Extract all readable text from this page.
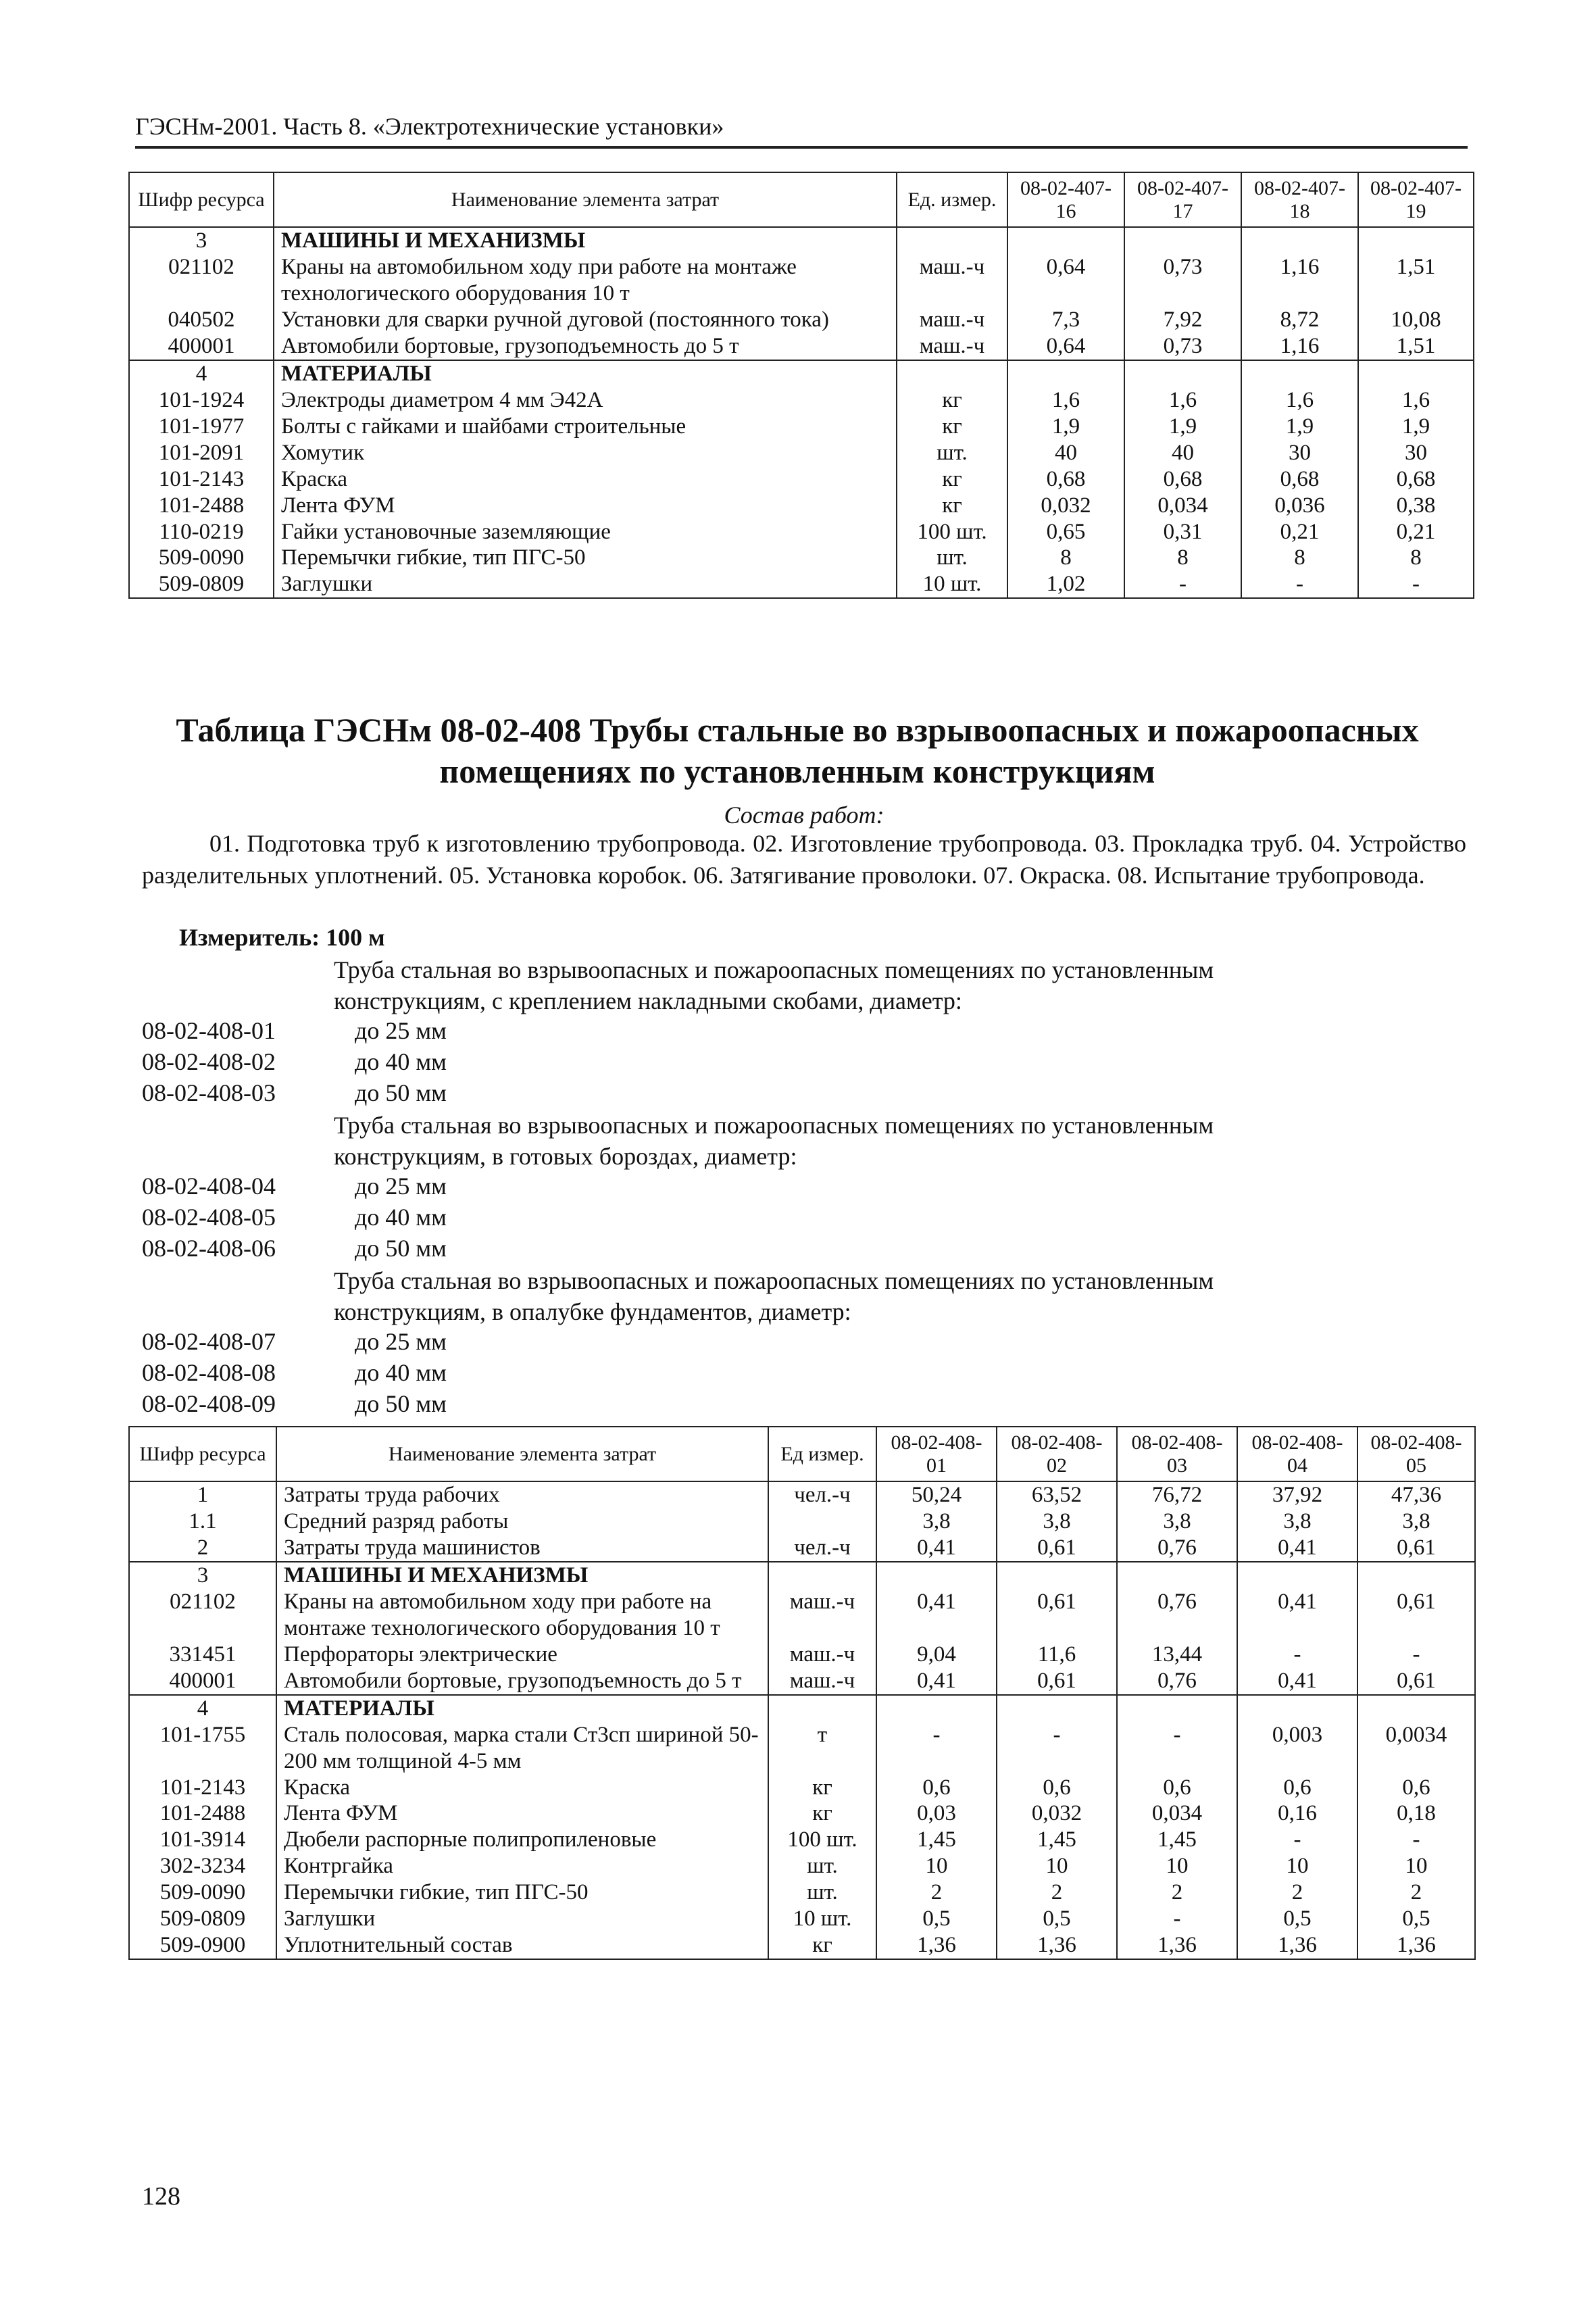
ГЭСНм-2001. Часть 8. «Электротехнические установки»
Шифр ресурса	Наименование элемента затрат	Ед. измер.	08-02-407-16	08-02-407-17	08-02-407-18	08-02-407-19
3	МАШИНЫ И МЕХАНИЗМЫ					
021102	Краны на автомобильном ходу при работе на монтаже технологического оборудования 10 т	маш.-ч	0,64	0,73	1,16	1,51
040502	Установки для сварки ручной дуговой (постоянного тока)	маш.-ч	7,3	7,92	8,72	10,08
400001	Автомобили бортовые, грузоподъемность до 5 т	маш.-ч	0,64	0,73	1,16	1,51
4	МАТЕРИАЛЫ					
101-1924	Электроды диаметром 4 мм Э42А	кг	1,6	1,6	1,6	1,6
101-1977	Болты с гайками и шайбами строительные	кг	1,9	1,9	1,9	1,9
101-2091	Хомутик	шт.	40	40	30	30
101-2143	Краска	кг	0,68	0,68	0,68	0,68
101-2488	Лента ФУМ	кг	0,032	0,034	0,036	0,38
110-0219	Гайки установочные заземляющие	100 шт.	0,65	0,31	0,21	0,21
509-0090	Перемычки гибкие, тип ПГС-50	шт.	8	8	8	8
509-0809	Заглушки	10 шт.	1,02	-	-	-
Таблица ГЭСНм 08-02-408 Трубы стальные во взрывоопасных и пожароопасных
помещениях по установленным конструкциям
Состав работ:
01. Подготовка труб к изготовлению трубопровода. 02. Изготовление трубопровода. 03. Прокладка труб. 04. Устройство разделительных уплотнений. 05. Установка коробок. 06. Затягивание проволоки. 07. Окраска. 08. Испытание трубопровода.
Измеритель: 100 м
Труба стальная во взрывоопасных и пожароопасных помещениях по установленным конструкциям, с креплением накладными скобами, диаметр:
08-02-408-01	до 25 мм
08-02-408-02	до 40 мм
08-02-408-03	до 50 мм
Труба стальная во взрывоопасных и пожароопасных помещениях по установленным конструкциям, в готовых бороздах, диаметр:
08-02-408-04	до 25 мм
08-02-408-05	до 40 мм
08-02-408-06	до 50 мм
Труба стальная во взрывоопасных и пожароопасных помещениях по установленным конструкциям, в опалубке фундаментов, диаметр:
08-02-408-07	до 25 мм
08-02-408-08	до 40 мм
08-02-408-09	до 50 мм
Шифр ресурса	Наименование элемента затрат	Ед измер.	08-02-408-01	08-02-408-02	08-02-408-03	08-02-408-04	08-02-408-05
1	Затраты труда рабочих	чел.-ч	50,24	63,52	76,72	37,92	47,36
1.1	Средний разряд работы		3,8	3,8	3,8	3,8	3,8
2	Затраты труда машинистов	чел.-ч	0,41	0,61	0,76	0,41	0,61
3	МАШИНЫ И МЕХАНИЗМЫ						
021102	Краны на автомобильном ходу при работе на монтаже технологического оборудования 10 т	маш.-ч	0,41	0,61	0,76	0,41	0,61
331451	Перфораторы электрические	маш.-ч	9,04	11,6	13,44	-	-
400001	Автомобили бортовые, грузоподъемность до 5 т	маш.-ч	0,41	0,61	0,76	0,41	0,61
4	МАТЕРИАЛЫ						
101-1755	Сталь полосовая, марка стали Ст3сп шириной 50-200 мм толщиной 4-5 мм	т	-	-	-	0,003	0,0034
101-2143	Краска	кг	0,6	0,6	0,6	0,6	0,6
101-2488	Лента ФУМ	кг	0,03	0,032	0,034	0,16	0,18
101-3914	Дюбели распорные полипропиленовые	100 шт.	1,45	1,45	1,45	-	-
302-3234	Контргайка	шт.	10	10	10	10	10
509-0090	Перемычки гибкие, тип ПГС-50	шт.	2	2	2	2	2
509-0809	Заглушки	10 шт.	0,5	0,5	-	0,5	0,5
509-0900	Уплотнительный состав	кг	1,36	1,36	1,36	1,36	1,36
128
